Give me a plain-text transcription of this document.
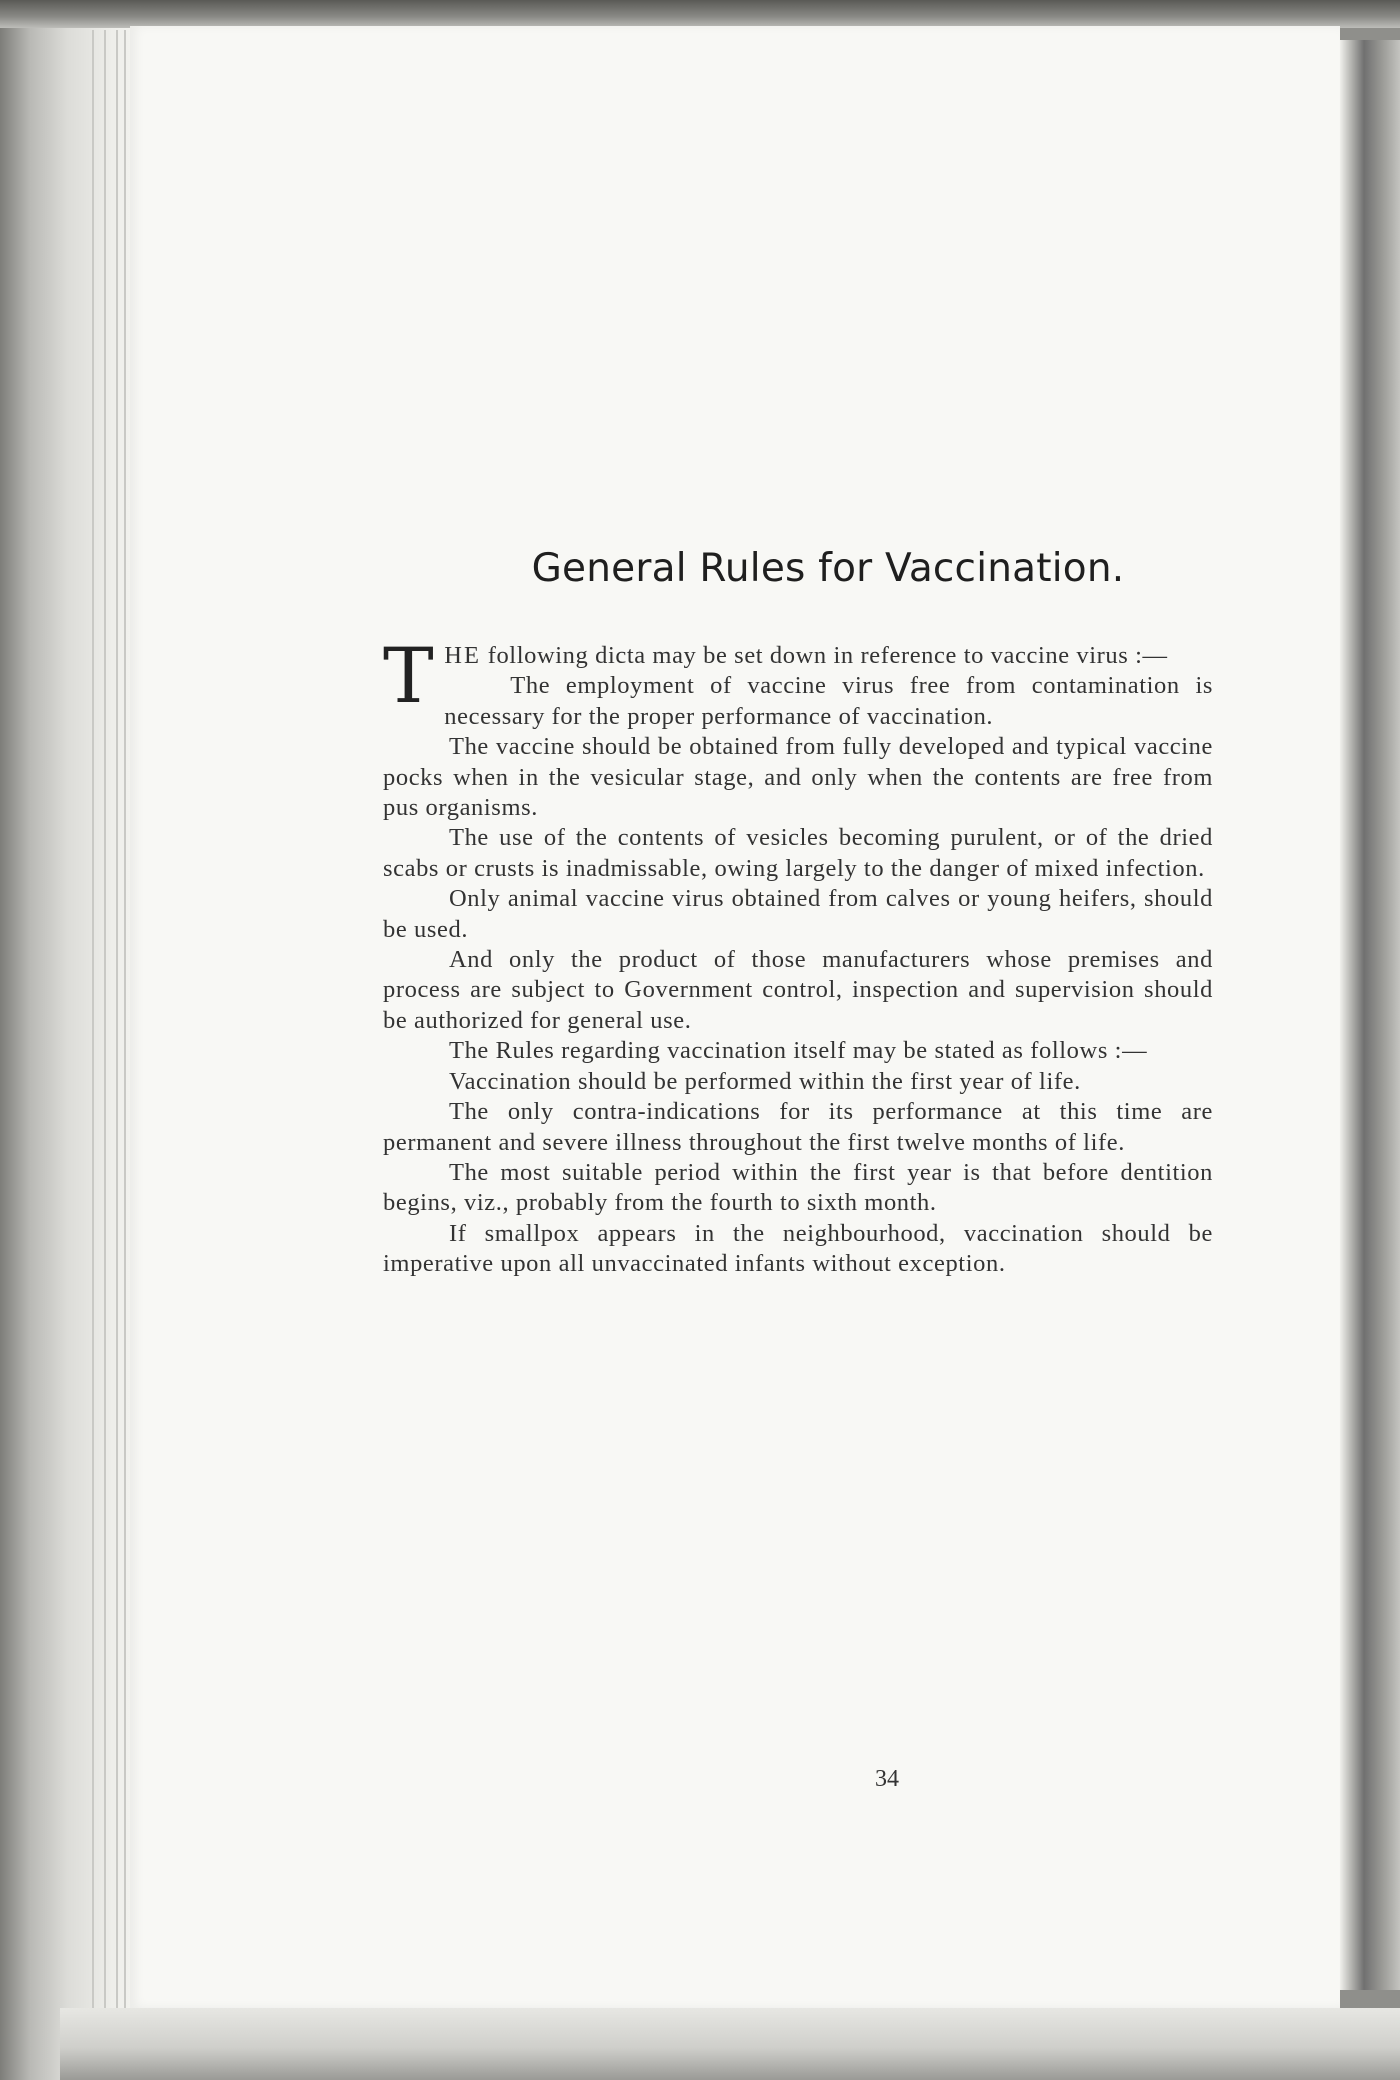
General Rules for Vaccination.

THE following dicta may be set down in reference to vaccine virus :—

The employment of vaccine virus free from contamination is necessary for the proper performance of vaccination.

The vaccine should be obtained from fully developed and typical vaccine pocks when in the vesicular stage, and only when the contents are free from pus organisms.

The use of the contents of vesicles becoming purulent, or of the dried scabs or crusts is inadmissable, owing largely to the danger of mixed infection.

Only animal vaccine virus obtained from calves or young heifers, should be used.

And only the product of those manufacturers whose premises and process are subject to Government control, inspection and supervision should be authorized for general use.

The Rules regarding vaccination itself may be stated as follows :—

Vaccination should be performed within the first year of life.

The only contra-indications for its performance at this time are permanent and severe illness throughout the first twelve months of life.

The most suitable period within the first year is that before dentition begins, viz., probably from the fourth to sixth month.

If smallpox appears in the neighbourhood, vaccination should be imperative upon all unvaccinated infants without exception.

34
